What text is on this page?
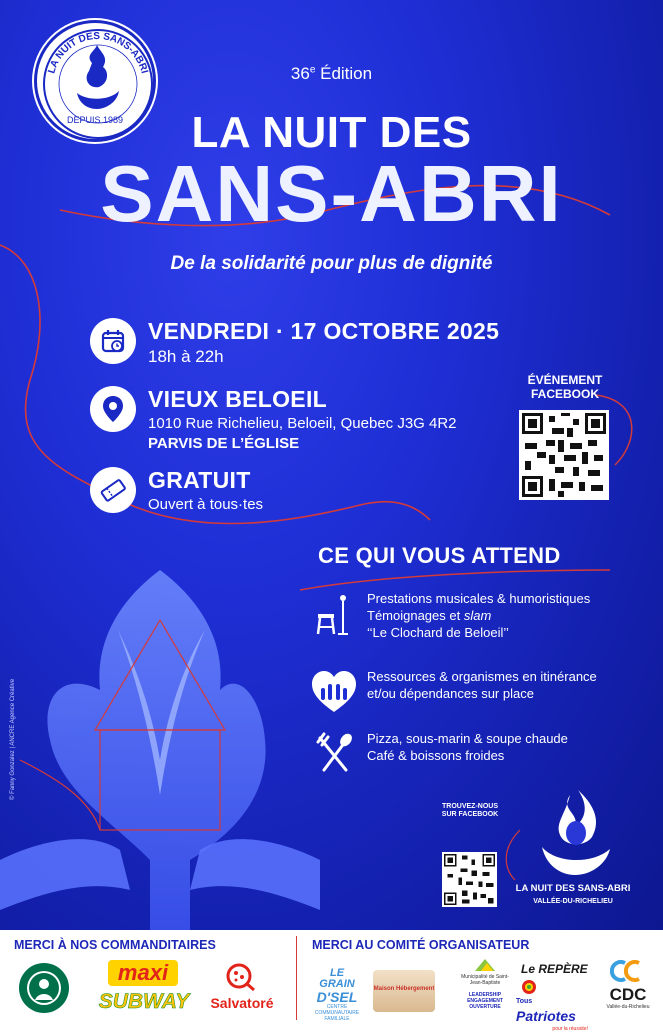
LA NUIT DES SANS-ABRI
DEPUIS 1989
36e Édition
LA NUIT DES
SANS-ABRI
De la solidarité pour plus de dignité
VENDREDI · 17 OCTOBRE 2025
18h à 22h
VIEUX BELOEIL
1010 Rue Richelieu, Beloeil, Quebec J3G 4R2
PARVIS DE L’ÉGLISE
GRATUIT
Ouvert à tous·tes
ÉVÉNEMENT
FACEBOOK
© Fanny Gonzalez | ANCRE Agence Créative
CE QUI VOUS ATTEND
Prestations musicales & humoristiques
Témoignages et slam
‘‘Le Clochard de Beloeil’’
Ressources & organismes en itinérance
et/ou dépendances sur place
Pizza, sous-marin & soupe chaude
Café & boissons froides
TROUVEZ-NOUS
SUR FACEBOOK
LA NUIT DES SANS-ABRI
VALLÉE-DU-RICHELIEU
MERCI À NOS COMMANDITAIRES	MERCI AU COMITÉ ORGANISATEUR
maxi
SUBWAY	Salvatoré
LE GRAIN
D'SEL
CENTRE COMMUNAUTAIRE FAMILIALE
Maison Hébergement
Municipalité de Saint-Jean-Baptiste
LEADERSHIP
ENGAGEMENT
OUVERTURE
Le REPÈRE
Tous Patriotes
pour la réussite!
CDC
Vallée-du-Richelieu
